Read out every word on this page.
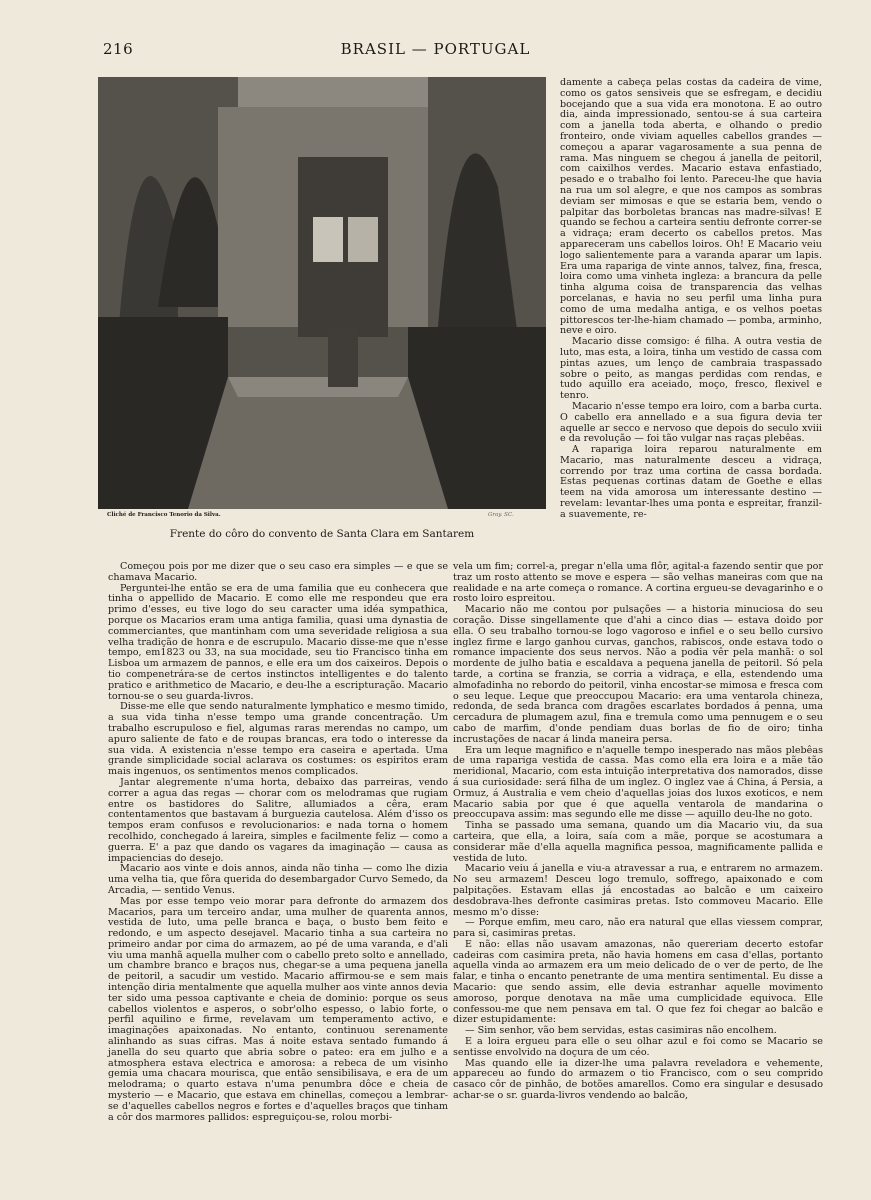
216	BRASIL — PORTUGAL
Cliché de Francisco Tenorio da Silva.	Gray. SC.
Frente do côro do convento de Santa Clara em Santarem

damente a cabeça pelas costas da cadeira de vime, como os gatos sensiveis que se esfregam, e decidiu bocejando que a sua vida era monotona. E ao outro dia, ainda impressionado, sentou-se á sua carteira com a janella toda aberta, e olhando o predio fronteiro, onde viviam aquelles cabellos grandes — começou a aparar vagarosamente a sua penna de rama. Mas ninguem se chegou á janella de peitoril, com caixilhos verdes. Macario estava enfastiado, pesado e o trabalho foi lento. Pareceu-lhe que havia na rua um sol alegre, e que nos campos as sombras deviam ser mimosas e que se estaria bem, vendo o palpitar das borboletas brancas nas madre-silvas! E quando se fechou a carteira sentiu defronte correr-se a vidraça; eram decerto os cabellos pretos. Mas appareceram uns cabellos loiros. Oh! E Macario veiu logo salientemente para a varanda aparar um lapis. Era uma rapariga de vinte annos, talvez, fina, fresca, loira como uma vinheta ingleza: a brancura da pelle tinha alguma coisa de transparencia das velhas porcelanas, e havia no seu perfil uma linha pura como de uma medalha antiga, e os velhos poetas pittorescos ter-lhe-hiam chamado — pomba, arminho, neve e oiro.

Macario disse comsigo: é filha. A outra vestia de luto, mas esta, a loira, tinha um vestido de cassa com pintas azues, um lenço de cambraia traspassado sobre o peito, as mangas perdidas com rendas, e tudo aquillo era aceiado, moço, fresco, flexivel e tenro.

Macario n'esse tempo era loiro, com a barba curta. O cabello era annellado e a sua figura devia ter aquelle ar secco e nervoso que depois do seculo xviii e da revolução — foi tão vulgar nas raças plebêas.

A rapariga loira reparou naturalmente em Macario, mas naturalmente desceu a vidraça, correndo por traz uma cortina de cassa bordada. Estas pequenas cortinas datam de Goethe e ellas teem na vida amorosa um interessante destino — revelam: levantar-lhes uma ponta e espreitar, franzil-a suavemente, re-

Começou pois por me dizer que o seu caso era simples — e que se chamava Macario.

Perguntei-lhe então se era de uma familia que eu conhecera que tinha o appellido de Macario. E como elle me respondeu que era primo d'esses, eu tive logo do seu caracter uma idéa sympathica, porque os Macarios eram uma antiga familia, quasi uma dynastia de commerciantes, que mantinham com uma severidade religiosa a sua velha tradição de honra e de escrupulo. Macario disse-me que n'esse tempo, em1823 ou 33, na sua mocidade, seu tio Francisco tinha em Lisboa um armazem de pannos, e elle era um dos caixeiros. Depois o tio compenetrára-se de certos instinctos intelligentes e do talento pratico e arithmetico de Macario, e deu-lhe a escripturação. Macario tornou-se o seu guarda-livros.

Disse-me elle que sendo naturalmente lymphatico e mesmo timido, a sua vida tinha n'esse tempo uma grande concentração. Um trabalho escrupuloso e fiel, algumas raras merendas no campo, um apuro saliente de fato e de roupas brancas, era todo o interesse da sua vida. A existencia n'esse tempo era caseira e apertada. Uma grande simplicidade social aclarava os costumes: os espiritos eram mais ingenuos, os sentimentos menos complicados.

Jantar alegremente n'uma horta, debaixo das parreiras, vendo correr a agua das regas — chorar com os melodramas que rugiam entre os bastidores do Salitre, allumiados a cêra, eram contentamentos que bastavam á burguezia cautelosa. Além d'isso os tempos eram confusos e revolucionarios: e nada torna o homem recolhido, conchegado á lareira, simples e facilmente feliz — como a guerra. E' a paz que dando os vagares da imaginação — causa as impaciencias do desejo.

Macario aos vinte e dois annos, ainda não tinha — como lhe dizia uma velha tia, que fôra querida do desembargador Curvo Semedo, da Arcadia, — sentido Venus.

Mas por esse tempo veio morar para defronte do armazem dos Macarios, para um terceiro andar, uma mulher de quarenta annos, vestida de luto, uma pelle branca e baça, o busto bem feito e redondo, e um aspecto desejavel. Macario tinha a sua carteira no primeiro andar por cima do armazem, ao pé de uma varanda, e d'ali viu uma manhã aquella mulher com o cabello preto solto e annellado, um chambre branco e braços nus, chegar-se a uma pequena janella de peitoril, a sacudir um vestido. Macario affirmou-se e sem mais intenção diria mentalmente que aquella mulher aos vinte annos devia ter sido uma pessoa captivante e cheia de dominio: porque os seus cabellos violentos e asperos, o sobr'olho espesso, o labio forte, o perfil aquilino e firme, revelavam um temperamento activo, e imaginações apaixonadas. No entanto, continuou serenamente alinhando as suas cifras. Mas á noite estava sentado fumando á janella do seu quarto que abria sobre o pateo: era em julho e a atmosphera estava electrica e amorosa: a rebeca de um visinho gemia uma chacara mourisca, que então sensibilisava, e era de um melodrama; o quarto estava n'uma penumbra dôce e cheia de mysterio — e Macario, que estava em chinellas, começou a lembrar-se d'aquelles cabellos negros e fortes e d'aquelles braços que tinham a côr dos marmores pallidos: espreguiçou-se, rolou morbi-

vela um fim; correl-a, pregar n'ella uma flôr, agital-a fazendo sentir que por traz um rosto attento se move e espera — são velhas maneiras com que na realidade e na arte começa o romance. A cortina ergueu-se devagarinho e o rosto loiro espreitou.

Macario não me contou por pulsações — a historia minuciosa do seu coração. Disse singellamente que d'ahi a cinco dias — estava doido por ella. O seu trabalho tornou-se logo vagoroso e infiel e o seu bello cursivo inglez firme e largo ganhou curvas, ganchos, rabiscos, onde estava todo o romance impaciente dos seus nervos. Não a podia vêr pela manhã: o sol mordente de julho batia e escaldava a pequena janella de peitoril. Só pela tarde, a cortina se franzia, se corria a vidraça, e ella, estendendo uma almofadinha no rebordo do peitoril, vinha encostar-se mimosa e fresca com o seu leque. Leque que preoccupou Macario: era uma ventarola chineza, redonda, de seda branca com dragões escarlates bordados á penna, uma cercadura de plumagem azul, fina e tremula como uma pennugem e o seu cabo de marfim, d'onde pendiam duas borlas de fio de oiro; tinha incrustações de nacar á linda maneira persa.

Era um leque magnifico e n'aquelle tempo inesperado nas mãos plebêas de uma rapariga vestida de cassa. Mas como ella era loira e a mãe tão meridional, Macario, com esta intuição interpretativa dos namorados, disse á sua curiosidade: será filha de um inglez. O inglez vae á China, á Persia, a Ormuz, á Australia e vem cheio d'aquellas joias dos luxos exoticos, e nem Macario sabia por que é que aquella ventarola de mandarina o preoccupava assim: mas segundo elle me disse — aquillo deu-lhe no goto.

Tinha se passado uma semana, quando um dia Macario viu, da sua carteira, que ella, a loira, saía com a mãe, porque se acostumara a considerar mãe d'ella aquella magnifica pessoa, magnificamente pallida e vestida de luto.

Macario veiu á janella e viu-a atravessar a rua, e entrarem no armazem. No seu armazem! Desceu logo tremulo, soffrego, apaixonado e com palpitações. Estavam ellas já encostadas ao balcão e um caixeiro desdobrava-lhes defronte casimiras pretas. Isto commoveu Macario. Elle mesmo m'o disse:

— Porque emfim, meu caro, não era natural que ellas viessem comprar, para si, casimiras pretas.

E não: ellas não usavam amazonas, não quereriam decerto estofar cadeiras com casimira preta, não havia homens em casa d'ellas, portanto aquella vinda ao armazem era um meio delicado de o ver de perto, de lhe falar, e tinha o encanto penetrante de uma mentira sentimental. Eu disse a Macario: que sendo assim, elle devia estranhar aquelle movimento amoroso, porque denotava na mãe uma cumplicidade equivoca. Elle confessou-me que nem pensava em tal. O que fez foi chegar ao balcão e dizer estupidamente:

— Sim senhor, vão bem servidas, estas casimiras não encolhem.

E a loira ergueu para elle o seu olhar azul e foi como se Macario se sentisse envolvido na doçura de um céo.

Mas quando elle ia dizer-lhe uma palavra reveladora e vehemente, appareceu ao fundo do armazem o tio Francisco, com o seu comprido casaco côr de pinhão, de botões amarellos. Como era singular e desusado achar-se o sr. guarda-livros vendendo ao balcão,
